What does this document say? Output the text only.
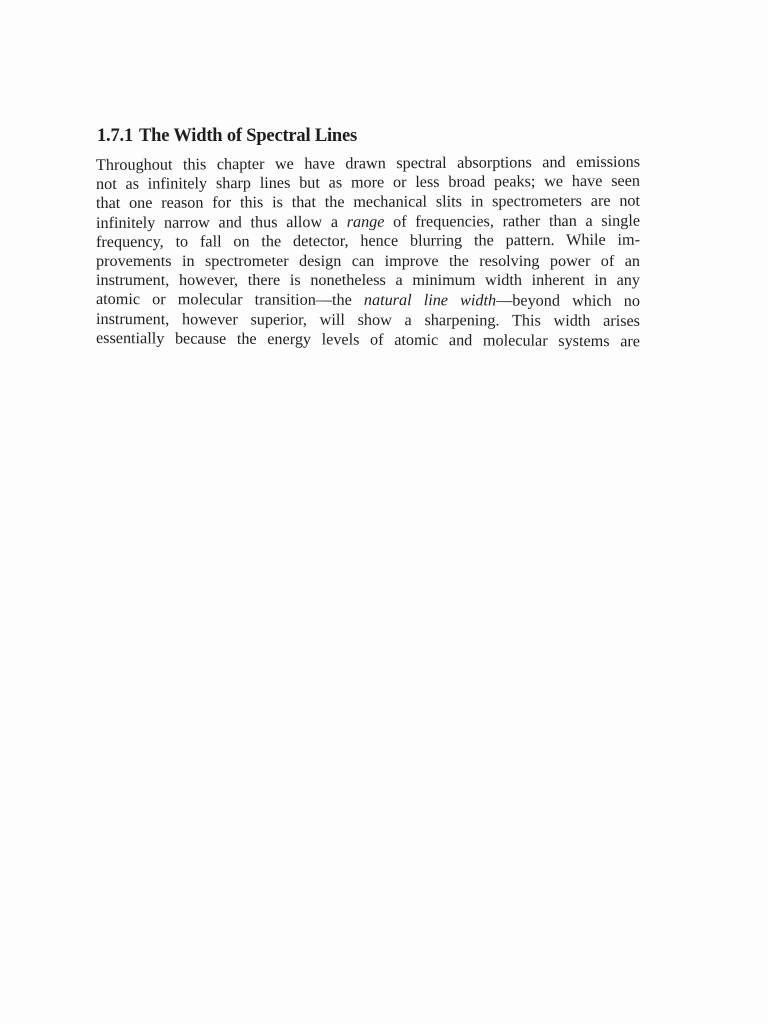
1.7.1 The Width of Spectral Lines

Throughout this chapter we have drawn spectral absorptions and emissions
not as infinitely sharp lines but as more or less broad peaks; we have seen
that one reason for this is that the mechanical slits in spectrometers are not
infinitely narrow and thus allow a range of frequencies, rather than a single
frequency, to fall on the detector, hence blurring the pattern. While im-
provements in spectrometer design can improve the resolving power of an
instrument, however, there is nonetheless a minimum width inherent in any
atomic or molecular transition—the natural line width—beyond which no
instrument, however superior, will show a sharpening. This width arises
essentially because the energy levels of atomic and molecular systems are
